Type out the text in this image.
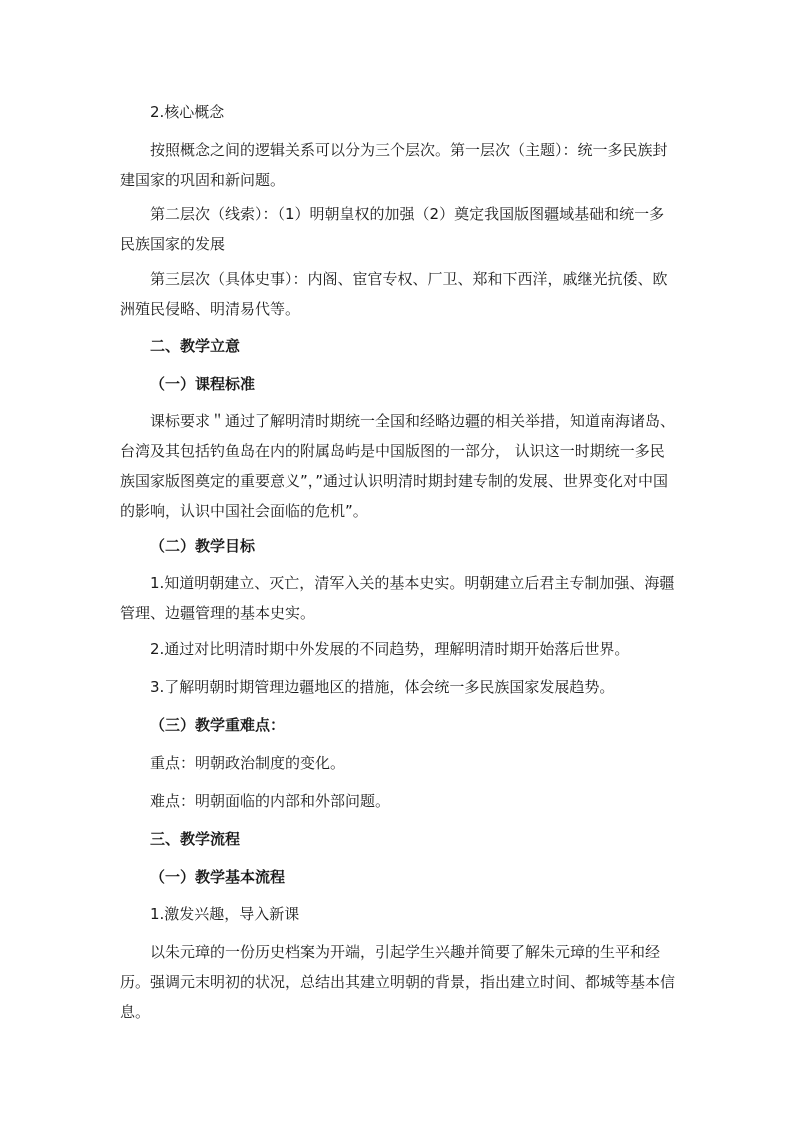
2.核心概念

按照概念之间的逻辑关系可以分为三个层次。第一层次（主题）：统一多民族封建国家的巩固和新问题。

第二层次（线索）：（1）明朝皇权的加强（2）奠定我国版图疆域基础和统一多民族国家的发展

第三层次（具体史事）：内阁、宦官专权、厂卫、郑和下西洋，戚继光抗倭、欧洲殖民侵略、明清易代等。

二、教学立意

（一）课程标准

课标要求＂通过了解明清时期统一全国和经略边疆的相关举措，知道南海诸岛、台湾及其包括钓鱼岛在内的附属岛屿是中国版图的一部分， 认识这一时期统一多民族国家版图奠定的重要意义”，”通过认识明清时期封建专制的发展、世界变化对中国的影响，认识中国社会面临的危机”。

（二）教学目标

1.知道明朝建立、灭亡，清军入关的基本史实。明朝建立后君主专制加强、海疆管理、边疆管理的基本史实。

2.通过对比明清时期中外发展的不同趋势，理解明清时期开始落后世界。

3.了解明朝时期管理边疆地区的措施，体会统一多民族国家发展趋势。

（三）教学重难点：

重点：明朝政治制度的变化。

难点：明朝面临的内部和外部问题。

三、教学流程

（一）教学基本流程

1.激发兴趣，导入新课

以朱元璋的一份历史档案为开端，引起学生兴趣并简要了解朱元璋的生平和经历。强调元末明初的状况，总结出其建立明朝的背景，指出建立时间、都城等基本信息。
